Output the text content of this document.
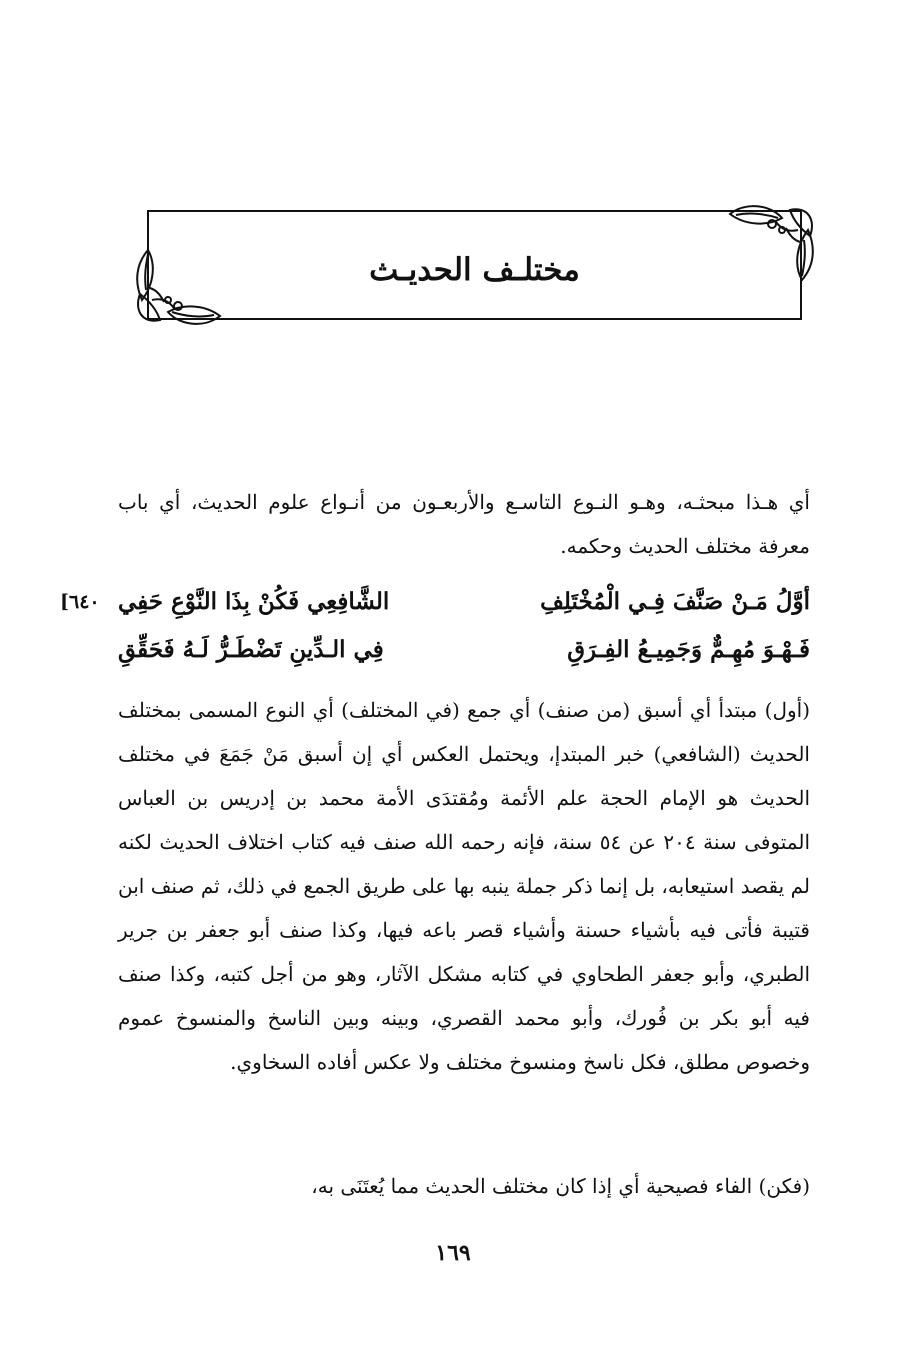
مختلـف الحديـث
أي هـذا مبحثـه، وهـو النـوع التاسـع والأربعـون من أنـواع علوم الحديث، أي باب معرفة مختلف الحديث وحكمه.
أوَّلُ مَـنْ صَنَّفَ فِـي الْمُخْتَلِفِ
الشَّافِعِي فَكُنْ بِذَا النَّوْعِ حَفِي
[٦٤٠
فَـهْـوَ مُهِـمٌّ وَجَمِيـعُ الفِـرَقِ
فِي الـدِّينِ تَضْطَـرُّ لَـهُ فَحَقِّقِ
(أول) مبتدأ أي أسبق (من صنف) أي جمع (في المختلف) أي النوع المسمى بمختلف الحديث (الشافعي) خبر المبتدإ، ويحتمل العكس أي إن أسبق مَنْ جَمَعَ في مختلف الحديث هو الإمام الحجة علم الأئمة ومُقتدَى الأمة محمد بن إدريس بن العباس المتوفى سنة ٢٠٤ عن ٥٤ سنة، فإنه رحمه الله صنف فيه كتاب اختلاف الحديث لكنه لم يقصد استيعابه، بل إنما ذكر جملة ينبه بها على طريق الجمع في ذلك، ثم صنف ابن قتيبة فأتى فيه بأشياء حسنة وأشياء قصر باعه فيها، وكذا صنف أبو جعفر بن جرير الطبري، وأبو جعفر الطحاوي في كتابه مشكل الآثار، وهو من أجل كتبه، وكذا صنف فيه أبو بكر بن فُورك، وأبو محمد القصري، وبينه وبين الناسخ والمنسوخ عموم وخصوص مطلق، فكل ناسخ ومنسوخ مختلف ولا عكس أفاده السخاوي.
(فكن) الفاء فصيحية أي إذا كان مختلف الحديث مما يُعتَنَى به،
١٦٩
